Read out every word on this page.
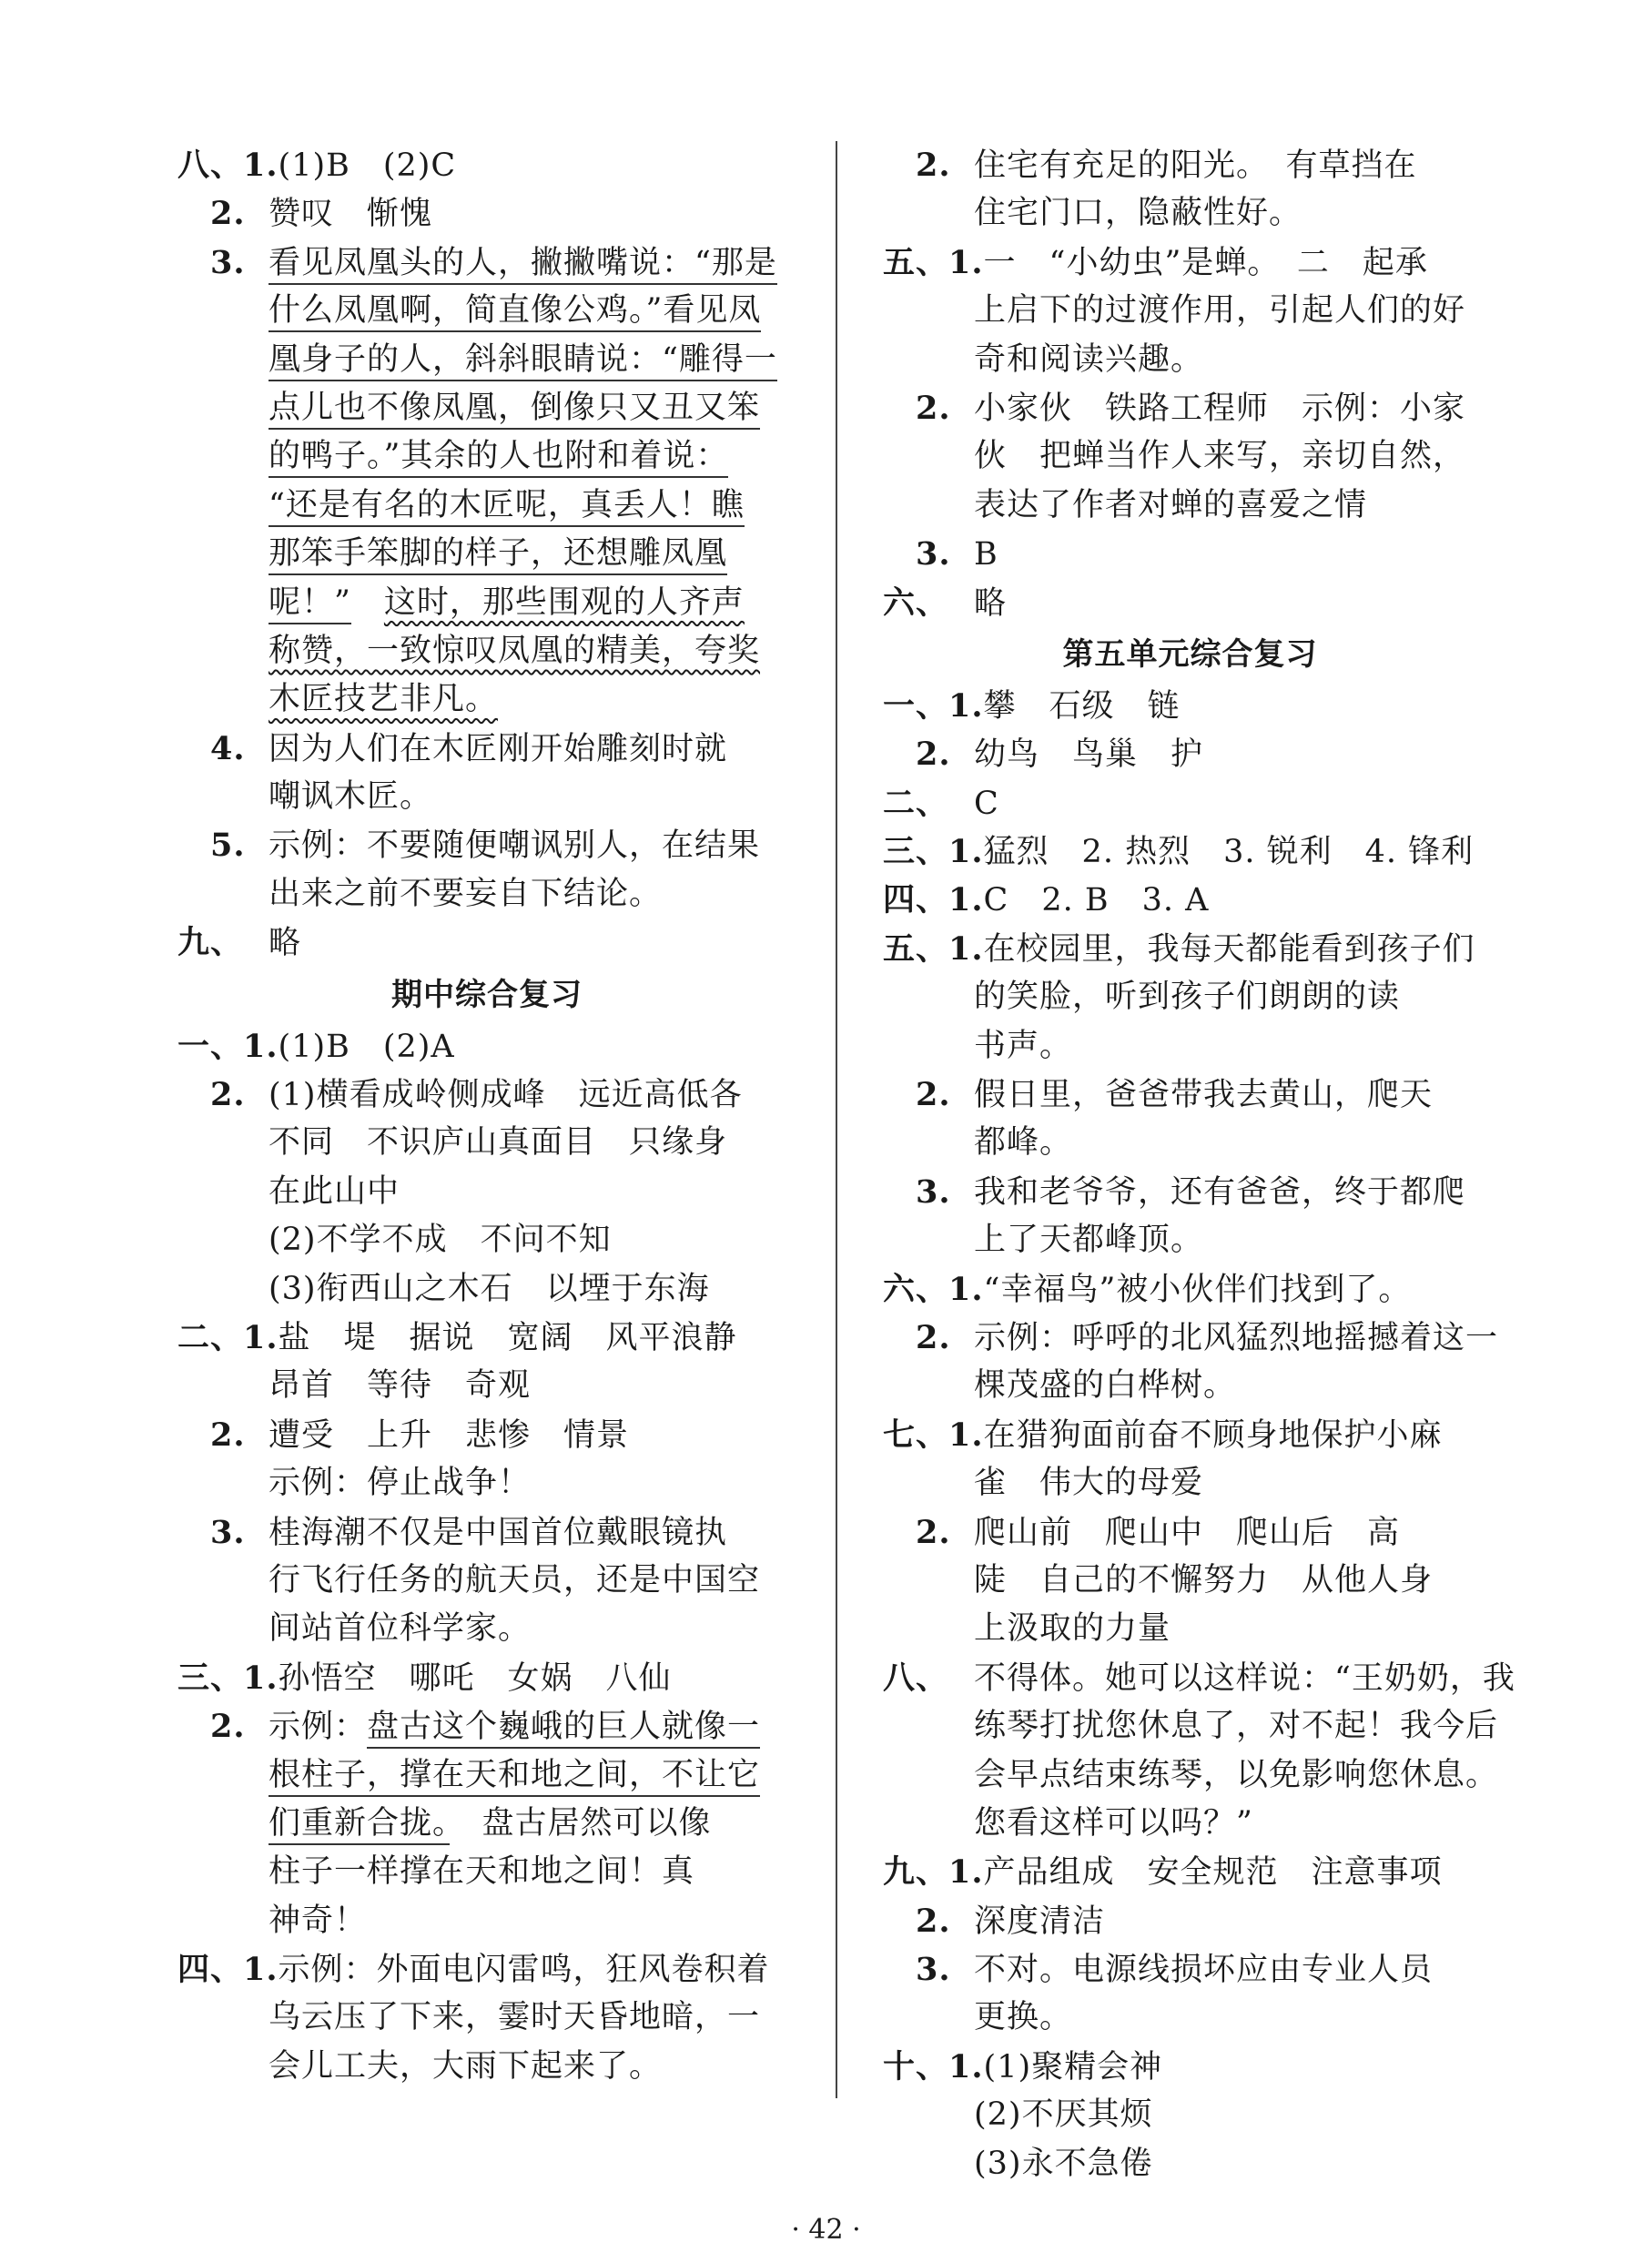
八、1.(1)B　(2)C
　2.赞叹　惭愧
　3.看见凤凰头的人，撇撇嘴说：“那是
什么凤凰啊，简直像公鸡。”看见凤
凰身子的人，斜斜眼睛说：“雕得一
点儿也不像凤凰，倒像只又丑又笨
的鸭子。”其余的人也附和着说：
“还是有名的木匠呢，真丢人！瞧
那笨手笨脚的样子，还想雕凤凰
呢！”　 这时，那些围观的人齐声
称赞，一致惊叹凤凰的精美，夸奖
木匠技艺非凡。
　4.因为人们在木匠刚开始雕刻时就
嘲讽木匠。
　5.示例：不要随便嘲讽别人，在结果
出来之前不要妄自下结论。
九、 略
期中综合复习
一、1.(1)B　(2)A
　2.(1)横看成岭侧成峰　远近高低各
不同　不识庐山真面目　只缘身
在此山中
(2)不学不成　不问不知
(3)衔西山之木石　以堙于东海
二、1.盐　堤　据说　宽阔　风平浪静
昂首　等待　奇观
　2.遭受　上升　悲惨　情景
示例：停止战争！
　3.桂海潮不仅是中国首位戴眼镜执
行飞行任务的航天员，还是中国空
间站首位科学家。
三、1.孙悟空　哪吒　女娲　八仙
　2.示例：盘古这个巍峨的巨人就像一
根柱子，撑在天和地之间，不让它
们重新合拢。　盘古居然可以像
柱子一样撑在天和地之间！真
神奇！
四、1.示例：外面电闪雷鸣，狂风卷积着
乌云压了下来，霎时天昏地暗，一
会儿工夫，大雨下起来了。
　2.住宅有充足的阳光。　有草挡在
住宅门口，隐蔽性好。
五、1.一　“小幼虫”是蝉。　二　起承
上启下的过渡作用，引起人们的好
奇和阅读兴趣。
　2.小家伙　铁路工程师　示例：小家
伙　把蝉当作人来写，亲切自然，
表达了作者对蝉的喜爱之情
　3.B
六、 略
第五单元综合复习
一、1.攀　石级　链
　2.幼鸟　鸟巢　护
二、 C
三、1.猛烈　2. 热烈　3. 锐利　4. 锋利
四、1.C　2. B　3. A
五、1.在校园里，我每天都能看到孩子们
的笑脸，听到孩子们朗朗的读
书声。
　2.假日里，爸爸带我去黄山，爬天
都峰。
　3.我和老爷爷，还有爸爸，终于都爬
上了天都峰顶。
六、1.“幸福鸟”被小伙伴们找到了。
　2.示例：呼呼的北风猛烈地摇撼着这一
棵茂盛的白桦树。
七、1.在猎狗面前奋不顾身地保护小麻
雀　伟大的母爱
　2.爬山前　爬山中　爬山后　高
陡　自己的不懈努力　从他人身
上汲取的力量
八、 不得体。她可以这样说：“王奶奶，我
练琴打扰您休息了，对不起！我今后
会早点结束练琴，以免影响您休息。
您看这样可以吗？”
九、1.产品组成　安全规范　注意事项
　2.深度清洁
　3.不对。电源线损坏应由专业人员
更换。
十、1.(1)聚精会神
(2)不厌其烦
(3)永不急倦
· 42 ·
